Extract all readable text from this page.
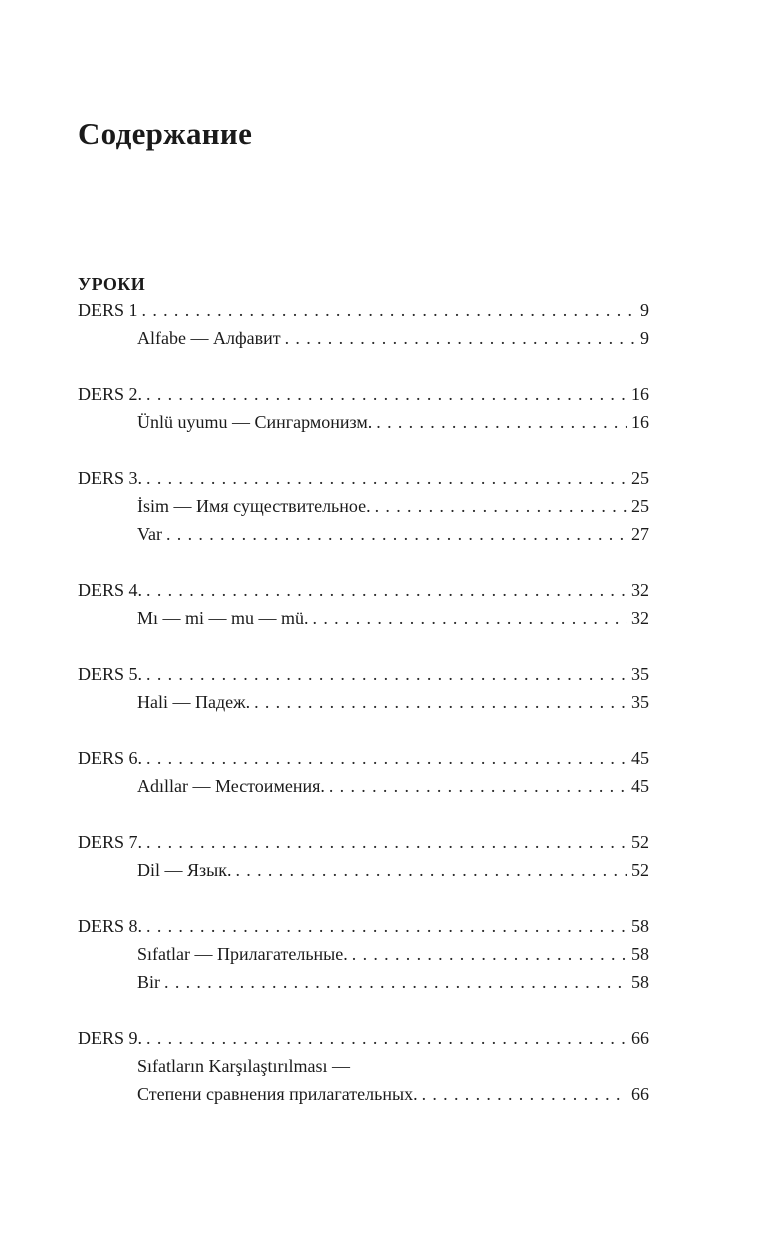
Содержание
УРОКИ
DERS 1 . . .	9
Alfabe — Алфавит . . .	9
DERS 2. . . .	16
Ünlü uyumu — Сингармонизм. . . .	16
DERS 3. . . .	25
İsim — Имя существительное. . . .	25
Var . . .	27
DERS 4. . . .	32
Mı — mi — mu — mü. . . .	32
DERS 5. . . .	35
Hali — Падеж. . . .	35
DERS 6. . . .	45
Adıllar — Местоимения. . . .	45
DERS 7. . . .	52
Dil — Язык. . . .	52
DERS 8. . . .	58
Sıfatlar — Прилагательные. . . .	58
Bir . . .	58
DERS 9. . . .	66
Sıfatların Karşılaştırılması —
Степени сравнения прилагательных. . . .	66
